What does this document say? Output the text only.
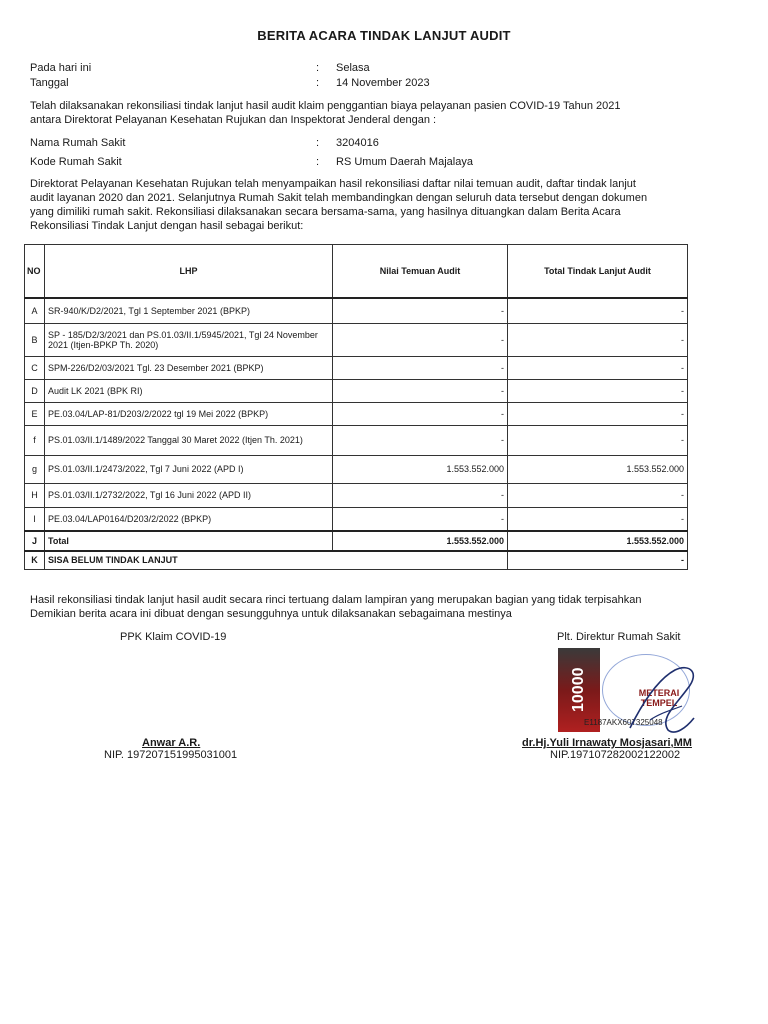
BERITA ACARA TINDAK LANJUT AUDIT
Pada hari ini	: Selasa
Tanggal	: 14 November 2023
Telah dilaksanakan rekonsiliasi tindak lanjut hasil audit klaim penggantian biaya pelayanan pasien COVID-19 Tahun 2021
antara Direktorat Pelayanan Kesehatan Rujukan dan Inspektorat Jenderal dengan :
Nama Rumah Sakit	: 3204016
Kode Rumah Sakit	: RS Umum Daerah Majalaya
Direktorat Pelayanan Kesehatan Rujukan telah menyampaikan hasil rekonsiliasi daftar nilai temuan audit, daftar tindak lanjut
audit layanan 2020 dan 2021. Selanjutnya Rumah Sakit telah membandingkan dengan seluruh data tersebut dengan dokumen
yang dimiliki rumah sakit. Rekonsiliasi dilaksanakan secara bersama-sama, yang hasilnya dituangkan dalam Berita Acara
Rekonsiliasi Tindak Lanjut dengan hasil sebagai berikut:
NO	LHP	Nilai Temuan Audit	Total Tindak Lanjut Audit
A	SR-940/K/D2/2021, Tgl 1 September 2021 (BPKP)	-	-
B	SP - 185/D2/3/2021 dan PS.01.03/II.1/5945/2021, Tgl 24 November 2021 (Itjen-BPKP Th. 2020)	-	-
C	SPM-226/D2/03/2021 Tgl. 23 Desember 2021 (BPKP)	-	-
D	Audit LK 2021 (BPK RI)	-	-
E	PE.03.04/LAP-81/D203/2/2022 tgl 19 Mei 2022 (BPKP)	-	-
f	PS.01.03/II.1/1489/2022 Tanggal 30 Maret 2022 (Itjen Th. 2021)	-	-
g	PS.01.03/II.1/2473/2022, Tgl 7 Juni 2022 (APD I)	1.553.552.000	1.553.552.000
H	PS.01.03/II.1/2732/2022, Tgl 16 Juni 2022 (APD II)	-	-
I	PE.03.04/LAP0164/D203/2/2022 (BPKP)	-	-
J	Total	1.553.552.000	1.553.552.000
K	SISA BELUM TINDAK LANJUT		-
Hasil rekonsiliasi tindak lanjut hasil audit secara rinci tertuang dalam lampiran yang merupakan bagian yang tidak terpisahkan
Demikian berita acara ini dibuat dengan sesungguhnya untuk dilaksanakan sebagaimana mestinya
PPK Klaim COVID-19	Plt. Direktur Rumah Sakit
10000	METERAI TEMPEL
E1187AKX607325048
Anwar A.R.
NIP. 197207151995031001
dr.Hj.Yuli Irnawaty Mosjasari,MM
NIP.197107282002122002
